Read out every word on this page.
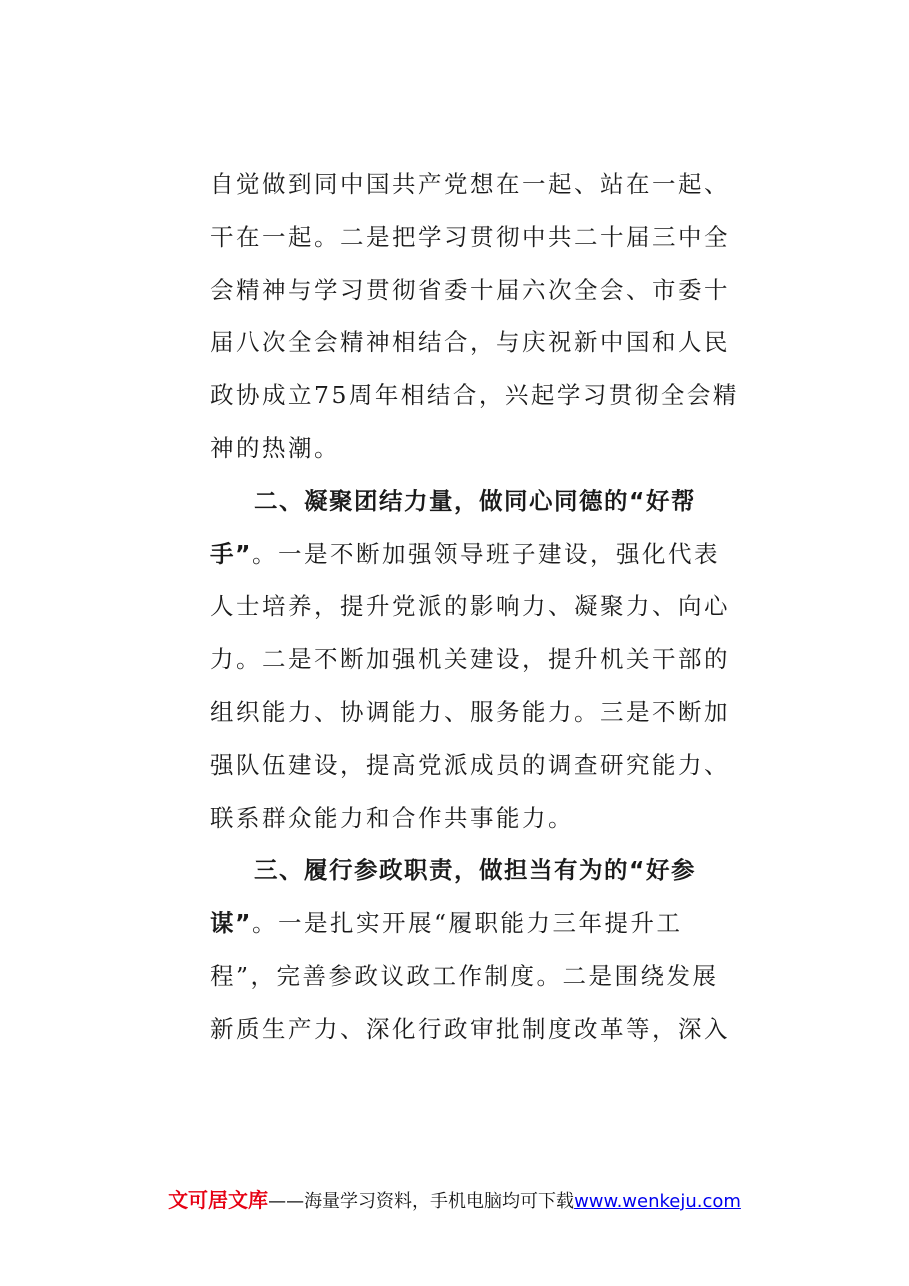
自觉做到同中国共产党想在一起、站在一起、
干在一起。二是把学习贯彻中共二十届三中全
会精神与学习贯彻省委十届六次全会、市委十
届八次全会精神相结合，与庆祝新中国和人民
政协成立75周年相结合，兴起学习贯彻全会精
神的热潮。
二、凝聚团结力量，做同心同德的“好帮
手”。一是不断加强领导班子建设，强化代表
人士培养，提升党派的影响力、凝聚力、向心
力。二是不断加强机关建设，提升机关干部的
组织能力、协调能力、服务能力。三是不断加
强队伍建设，提高党派成员的调查研究能力、
联系群众能力和合作共事能力。
三、履行参政职责，做担当有为的“好参
谋”。一是扎实开展“履职能力三年提升工
程”，完善参政议政工作制度。二是围绕发展
新质生产力、深化行政审批制度改革等，深入
文可居文库——海量学习资料，手机电脑均可下载www.wenkeju.com
